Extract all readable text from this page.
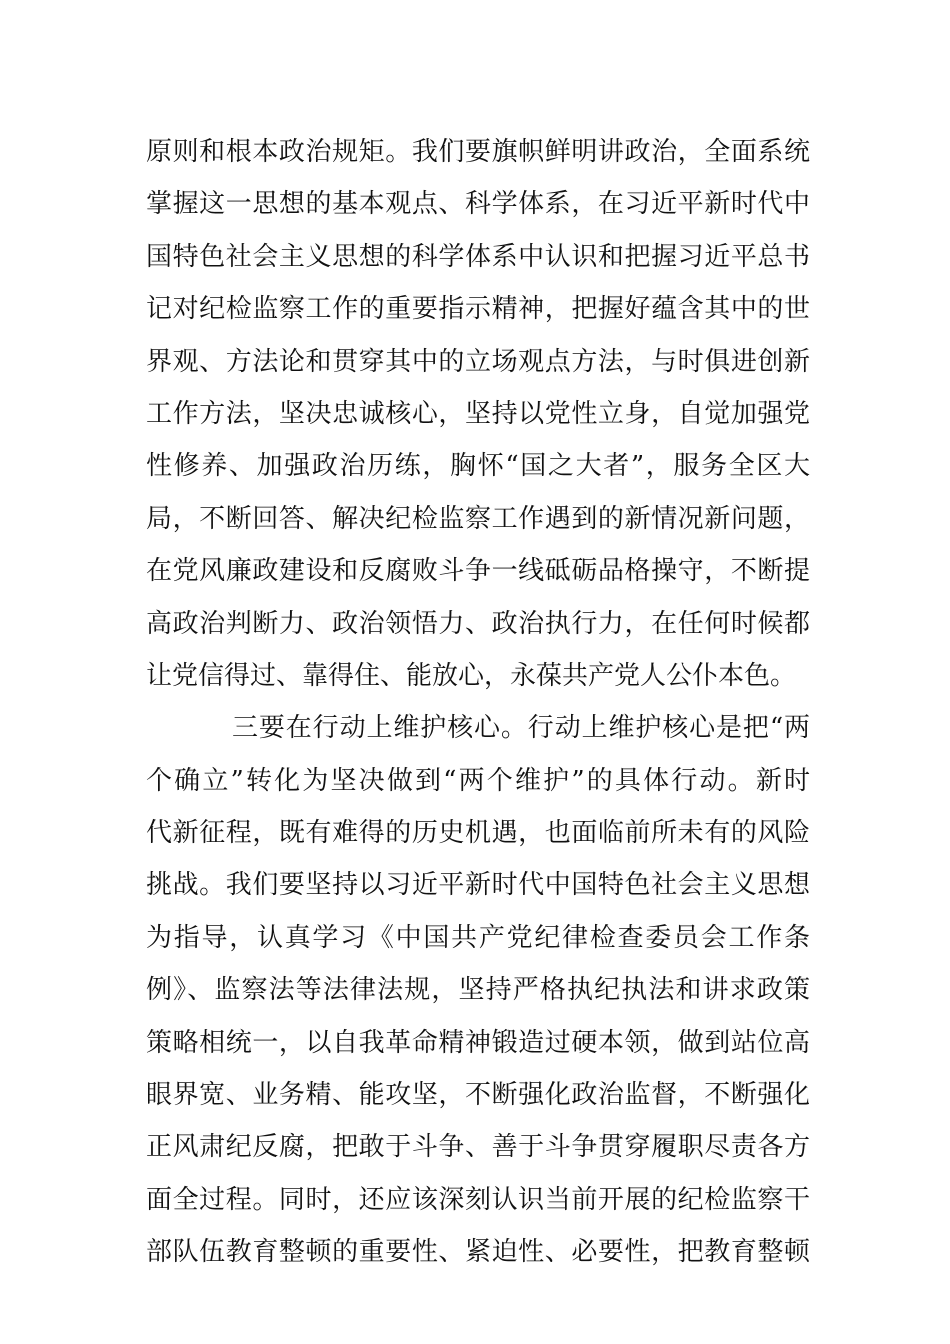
原则和根本政治规矩。我们要旗帜鲜明讲政治，全面系统
掌握这一思想的基本观点、科学体系，在习近平新时代中
国特色社会主义思想的科学体系中认识和把握习近平总书
记对纪检监察工作的重要指示精神，把握好蕴含其中的世
界观、方法论和贯穿其中的立场观点方法，与时俱进创新
工作方法，坚决忠诚核心，坚持以党性立身，自觉加强党
性修养、加强政治历练，胸怀“国之大者”，服务全区大
局，不断回答、解决纪检监察工作遇到的新情况新问题，
在党风廉政建设和反腐败斗争一线砥砺品格操守，不断提
高政治判断力、政治领悟力、政治执行力，在任何时候都
让党信得过、靠得住、能放心，永葆共产党人公仆本色。
三要在行动上维护核心。行动上维护核心是把“两
个确立”转化为坚决做到“两个维护”的具体行动。新时
代新征程，既有难得的历史机遇，也面临前所未有的风险
挑战。我们要坚持以习近平新时代中国特色社会主义思想
为指导，认真学习《中国共产党纪律检查委员会工作条
例》、监察法等法律法规，坚持严格执纪执法和讲求政策
策略相统一，以自我革命精神锻造过硬本领，做到站位高
眼界宽、业务精、能攻坚，不断强化政治监督，不断强化
正风肃纪反腐，把敢于斗争、善于斗争贯穿履职尽责各方
面全过程。同时，还应该深刻认识当前开展的纪检监察干
部队伍教育整顿的重要性、紧迫性、必要性，把教育整顿
